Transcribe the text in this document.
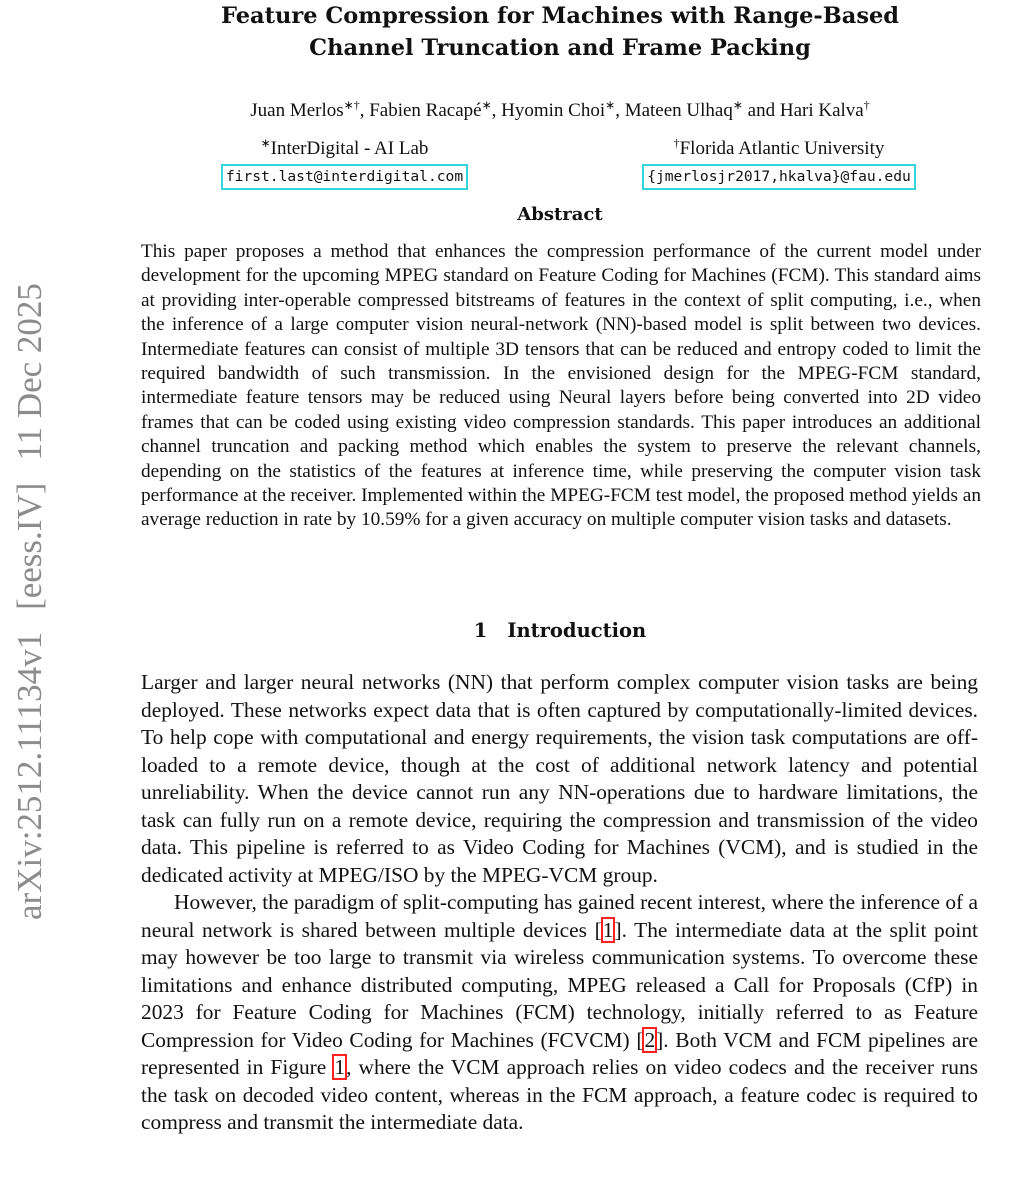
arXiv:2512.11134v1[eess.IV]11 Dec 2025
Feature Compression for Machines with Range-Based
Channel Truncation and Frame Packing
Juan Merlos∗†, Fabien Racapé∗, Hyomin Choi∗, Mateen Ulhaq∗ and Hari Kalva†
∗InterDigital - AI Lab
first.last@interdigital.com
†Florida Atlantic University
{jmerlosjr2017,hkalva}@fau.edu
Abstract
This paper proposes a method that enhances the compression performance of the current model under development for the upcoming MPEG standard on Feature Coding for Machines (FCM). This standard aims at providing inter-operable compressed bitstreams of features in the context of split computing, i.e., when the inference of a large computer vision neural-network (NN)-based model is split between two devices. Intermediate features can consist of multiple 3D tensors that can be reduced and entropy coded to limit the required bandwidth of such transmission. In the envisioned design for the MPEG-FCM standard, intermediate feature tensors may be reduced using Neural layers before being converted into 2D video frames that can be coded using existing video compression standards. This paper introduces an additional channel truncation and packing method which enables the system to preserve the relevant channels, depending on the statistics of the features at inference time, while preserving the computer vision task performance at the receiver. Implemented within the MPEG-FCM test model, the proposed method yields an average reduction in rate by 10.59% for a given accuracy on multiple computer vision tasks and datasets.
1 Introduction

Larger and larger neural networks (NN) that perform complex computer vision tasks are being deployed. These networks expect data that is often captured by computationally-limited devices. To help cope with computational and energy requirements, the vision task computations are off-loaded to a remote device, though at the cost of additional network latency and potential unreliability. When the device cannot run any NN-operations due to hardware limitations, the task can fully run on a remote device, requiring the compression and transmission of the video data. This pipeline is referred to as Video Coding for Machines (VCM), and is studied in the dedicated activity at MPEG/ISO by the MPEG-VCM group.

However, the paradigm of split-computing has gained recent interest, where the inference of a neural network is shared between multiple devices [1]. The intermediate data at the split point may however be too large to transmit via wireless communication systems. To overcome these limitations and enhance distributed computing, MPEG released a Call for Proposals (CfP) in 2023 for Feature Coding for Machines (FCM) technology, initially referred to as Feature Compression for Video Coding for Machines (FCVCM) [2]. Both VCM and FCM pipelines are represented in Figure 1, where the VCM approach relies on video codecs and the receiver runs the task on decoded video content, whereas in the FCM approach, a feature codec is required to compress and transmit the intermediate data.
